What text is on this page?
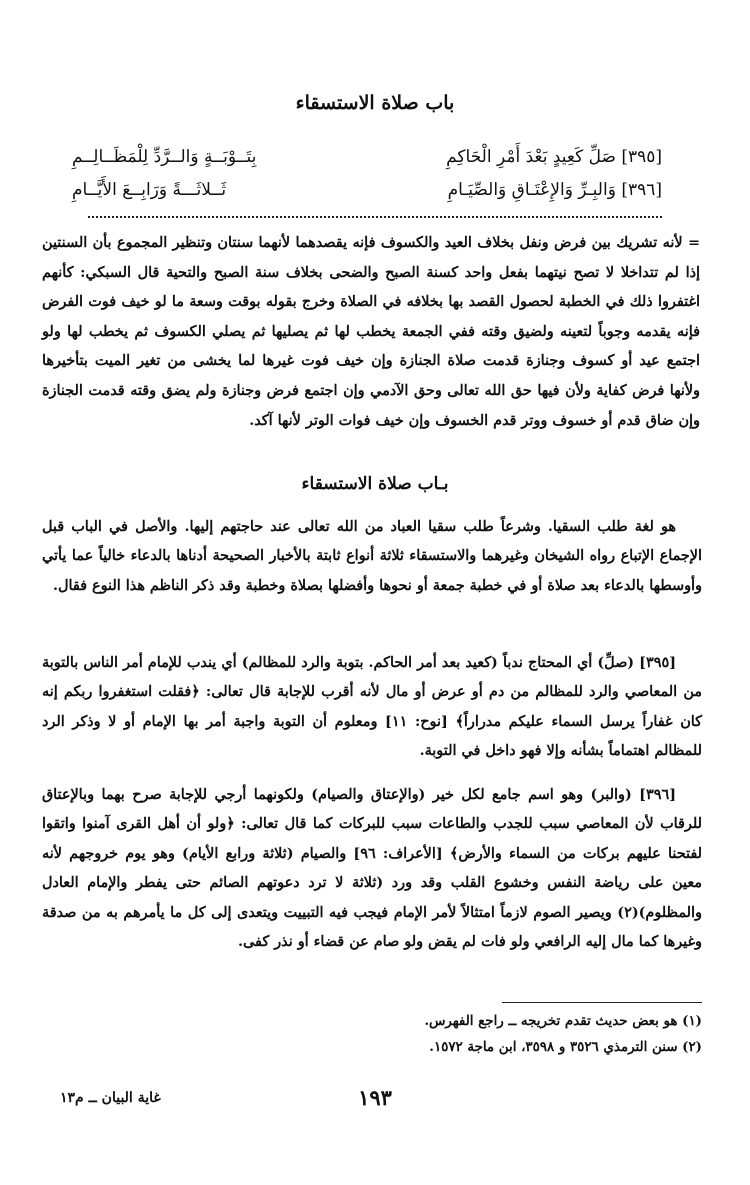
باب صلاة الاستسقاء
[٣٩٥] صَلِّ كَعِيدٍ بَعْدَ أَمْرِ الْحَاكِمِ
بِتَــوْبَــةٍ وَالــرَّدِّ لِلْمَظَــالِــمِ
[٣٩٦] وَالبِـرِّ وَالإِعْتَـاقِ وَالصِّيَـامِ
ثَــلاثَـــةً وَرَابِــعَ الأَيَّــامِ

= لأنه تشريك بين فرض ونفل بخلاف العيد والكسوف فإنه يقصدهما لأنهما سنتان وتنظير المجموع بأن السنتين إذا لم تتداخلا لا تصح نيتهما بفعل واحد كسنة الصبح والضحى بخلاف سنة الصبح والتحية قال السبكي: كأنهم اغتفروا ذلك في الخطبة لحصول القصد بها بخلافه في الصلاة وخرج بقوله بوقت وسعة ما لو خيف فوت الفرض فإنه يقدمه وجوباً لتعينه ولضيق وقته ففي الجمعة يخطب لها ثم يصليها ثم يصلي الكسوف ثم يخطب لها ولو اجتمع عيد أو كسوف وجنازة قدمت صلاة الجنازة وإن خيف فوت غيرها لما يخشى من تغير الميت بتأخيرها ولأنها فرض كفاية ولأن فيها حق الله تعالى وحق الآدمي وإن اجتمع فرض وجنازة ولم يضق وقته قدمت الجنازة وإن ضاق قدم أو خسوف ووتر قدم الخسوف وإن خيف فوات الوتر لأنها آكد.

بـاب صلاة الاستسقاء

هو لغة طلب السقيا. وشرعاً طلب سقيا العباد من الله تعالى عند حاجتهم إليها. والأصل في الباب قبل الإجماع الإتباع رواه الشيخان وغيرهما والاستسقاء ثلاثة أنواع ثابتة بالأخبار الصحيحة أدناها بالدعاء خالياً عما يأتي وأوسطها بالدعاء بعد صلاة أو في خطبة جمعة أو نحوها وأفضلها بصلاة وخطبة وقد ذكر الناظم هذا النوع فقال.

[٣٩٥] (صلِّ) أي المحتاج ندباً (كعيد بعد أمر الحاكم. بتوبة والرد للمظالم) أي يندب للإمام أمر الناس بالتوبة من المعاصي والرد للمظالم من دم أو عرض أو مال لأنه أقرب للإجابة قال تعالى: ﴿فقلت استغفروا ربكم إنه كان غفاراً يرسل السماء عليكم مدراراً﴾ [نوح: ١١] ومعلوم أن التوبة واجبة أمر بها الإمام أو لا وذكر الرد للمظالم اهتماماً بشأنه وإلا فهو داخل في التوبة.

[٣٩٦] (والبر) وهو اسم جامع لكل خير (والإعتاق والصيام) ولكونهما أرجي للإجابة صرح بهما وبالإعتاق للرقاب لأن المعاصي سبب للجدب والطاعات سبب للبركات كما قال تعالى: ﴿ولو أن أهل القرى آمنوا واتقوا لفتحنا عليهم بركات من السماء والأرض﴾ [الأعراف: ٩٦] والصيام (ثلاثة ورابع الأيام) وهو يوم خروجهم لأنه معين على رياضة النفس وخشوع القلب وقد ورد (ثلاثة لا ترد دعوتهم الصائم حتى يفطر والإمام العادل والمظلوم)(٢) ويصير الصوم لازماً امتثالاً لأمر الإمام فيجب فيه التبييت ويتعدى إلى كل ما يأمرهم به من صدقة وغيرها كما مال إليه الرافعي ولو فات لم يقض ولو صام عن قضاء أو نذر كفى.

(١) هو بعض حديث تقدم تخريجه ــ راجع الفهرس.
(٢) سنن الترمذي ٣٥٢٦ و ٣٥٩٨، ابن ماجة ١٥٧٢.
١٩٣
غاية البيان ــ م١٣
